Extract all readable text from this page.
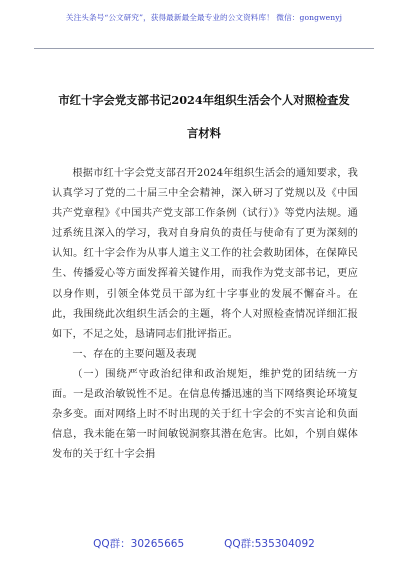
关注头条号“公文研究”，获得最新最全最专业的公文资料库！ 微信：gongwenyj
市红十字会党支部书记2024年组织生活会个人对照检查发
言材料

根据市红十字会党支部召开2024年组织生活会的通知要求，我认真学习了党的二十届三中全会精神，深入研习了党规以及《中国共产党章程》《中国共产党支部工作条例（试行）》等党内法规。通过系统且深入的学习，我对自身肩负的责任与使命有了更为深刻的认知。红十字会作为从事人道主义工作的社会救助团体，在保障民生、传播爱心等方面发挥着关键作用，而我作为党支部书记，更应以身作则，引领全体党员干部为红十字事业的发展不懈奋斗。在此，我围绕此次组织生活会的主题，将个人对照检查情况详细汇报如下，不足之处，恳请同志们批评指正。

一、存在的主要问题及表现

（一）围绕严守政治纪律和政治规矩，维护党的团结统一方面。一是政治敏锐性不足。在信息传播迅速的当下网络舆论环境复杂多变。面对网络上时不时出现的关于红十字会的不实言论和负面信息，我未能在第一时间敏锐洞察其潜在危害。比如，个别自媒体发布的关于红十字会捐

QQ群：30265665	QQ群:535304092
